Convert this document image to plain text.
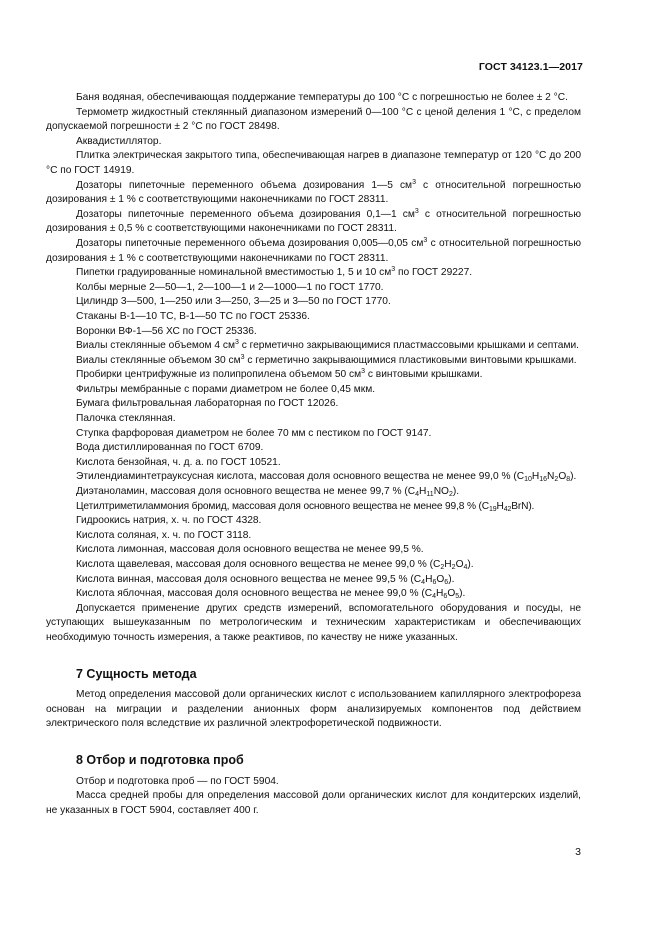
ГОСТ 34123.1—2017
Баня водяная, обеспечивающая поддержание температуры до 100 °С с погрешностью не более ± 2 °С.
Термометр жидкостный стеклянный диапазоном измерений 0—100 °С с ценой деления 1 °С, с пределом допускаемой погрешности ± 2 °С по ГОСТ 28498.
Аквадистиллятор.
Плитка электрическая закрытого типа, обеспечивающая нагрев в диапазоне температур от 120 °С до 200 °С по ГОСТ 14919.
Дозаторы пипеточные переменного объема дозирования 1—5 $см^3$ с относительной погрешностью дозирования ± 1 % с соответствующими наконечниками по ГОСТ 28311.
Дозаторы пипеточные переменного объема дозирования 0,1—1 $см^3$ с относительной погрешностью дозирования ± 0,5 % с соответствующими наконечниками по ГОСТ 28311.
Дозаторы пипеточные переменного объема дозирования 0,005—0,05 $см^3$ с относительной погрешностью дозирования ± 1 % с соответствующими наконечниками по ГОСТ 28311.
Пипетки градуированные номинальной вместимостью 1, 5 и 10 $см^3$ по ГОСТ 29227.
Колбы мерные 2—50—1, 2—100—1 и 2—1000—1 по ГОСТ 1770.
Цилиндр 3—500, 1—250 или 3—250, 3—25 и 3—50 по ГОСТ 1770.
Стаканы В-1—10 ТС, В-1—50 ТС по ГОСТ 25336.
Воронки ВФ-1—56 ХС по ГОСТ 25336.
Виалы стеклянные объемом 4 $см^3$ с герметично закрывающимися пластмассовыми крышками и септами.
Виалы стеклянные объемом 30 $см^3$ с герметично закрывающимися пластиковыми винтовыми крышками.
Пробирки центрифужные из полипропилена объемом 50 $см^3$ с винтовыми крышками.
Фильтры мембранные с порами диаметром не более 0,45 мкм.
Бумага фильтровальная лабораторная по ГОСТ 12026.
Палочка стеклянная.
Ступка фарфоровая диаметром не более 70 мм с пестиком по ГОСТ 9147.
Вода дистиллированная по ГОСТ 6709.
Кислота бензойная, ч. д. а. по ГОСТ 10521.
Этилендиаминтетрауксусная кислота, массовая доля основного вещества не менее 99,0 % $(C_{10}H_{16}N_2O_8)$.
Диэтаноламин, массовая доля основного вещества не менее 99,7 % $(C_4H_{11}NO_2)$.
Цетилтриметиламмония бромид, массовая доля основного вещества не менее 99,8 % $(C_{19}H_{42}BrN)$.
Гидроокись натрия, х. ч. по ГОСТ 4328.
Кислота соляная, х. ч. по ГОСТ 3118.
Кислота лимонная, массовая доля основного вещества не менее 99,5 %.
Кислота щавелевая, массовая доля основного вещества не менее 99,0 % $(C_2H_2O_4)$.
Кислота винная, массовая доля основного вещества не менее 99,5 % $(C_4H_6O_6)$.
Кислота яблочная, массовая доля основного вещества не менее 99,0 % $(C_4H_6O_5)$.
Допускается применение других средств измерений, вспомогательного оборудования и посуды, не уступающих вышеуказанным по метрологическим и техническим характеристикам и обеспечивающих необходимую точность измерения, а также реактивов, по качеству не ниже указанных.
7 Сущность метода
Метод определения массовой доли органических кислот с использованием капиллярного электрофореза основан на миграции и разделении анионных форм анализируемых компонентов под действием электрического поля вследствие их различной электрофоретической подвижности.
8 Отбор и подготовка проб
Отбор и подготовка проб — по ГОСТ 5904.
Масса средней пробы для определения массовой доли органических кислот для кондитерских изделий, не указанных в ГОСТ 5904, составляет 400 г.
3
